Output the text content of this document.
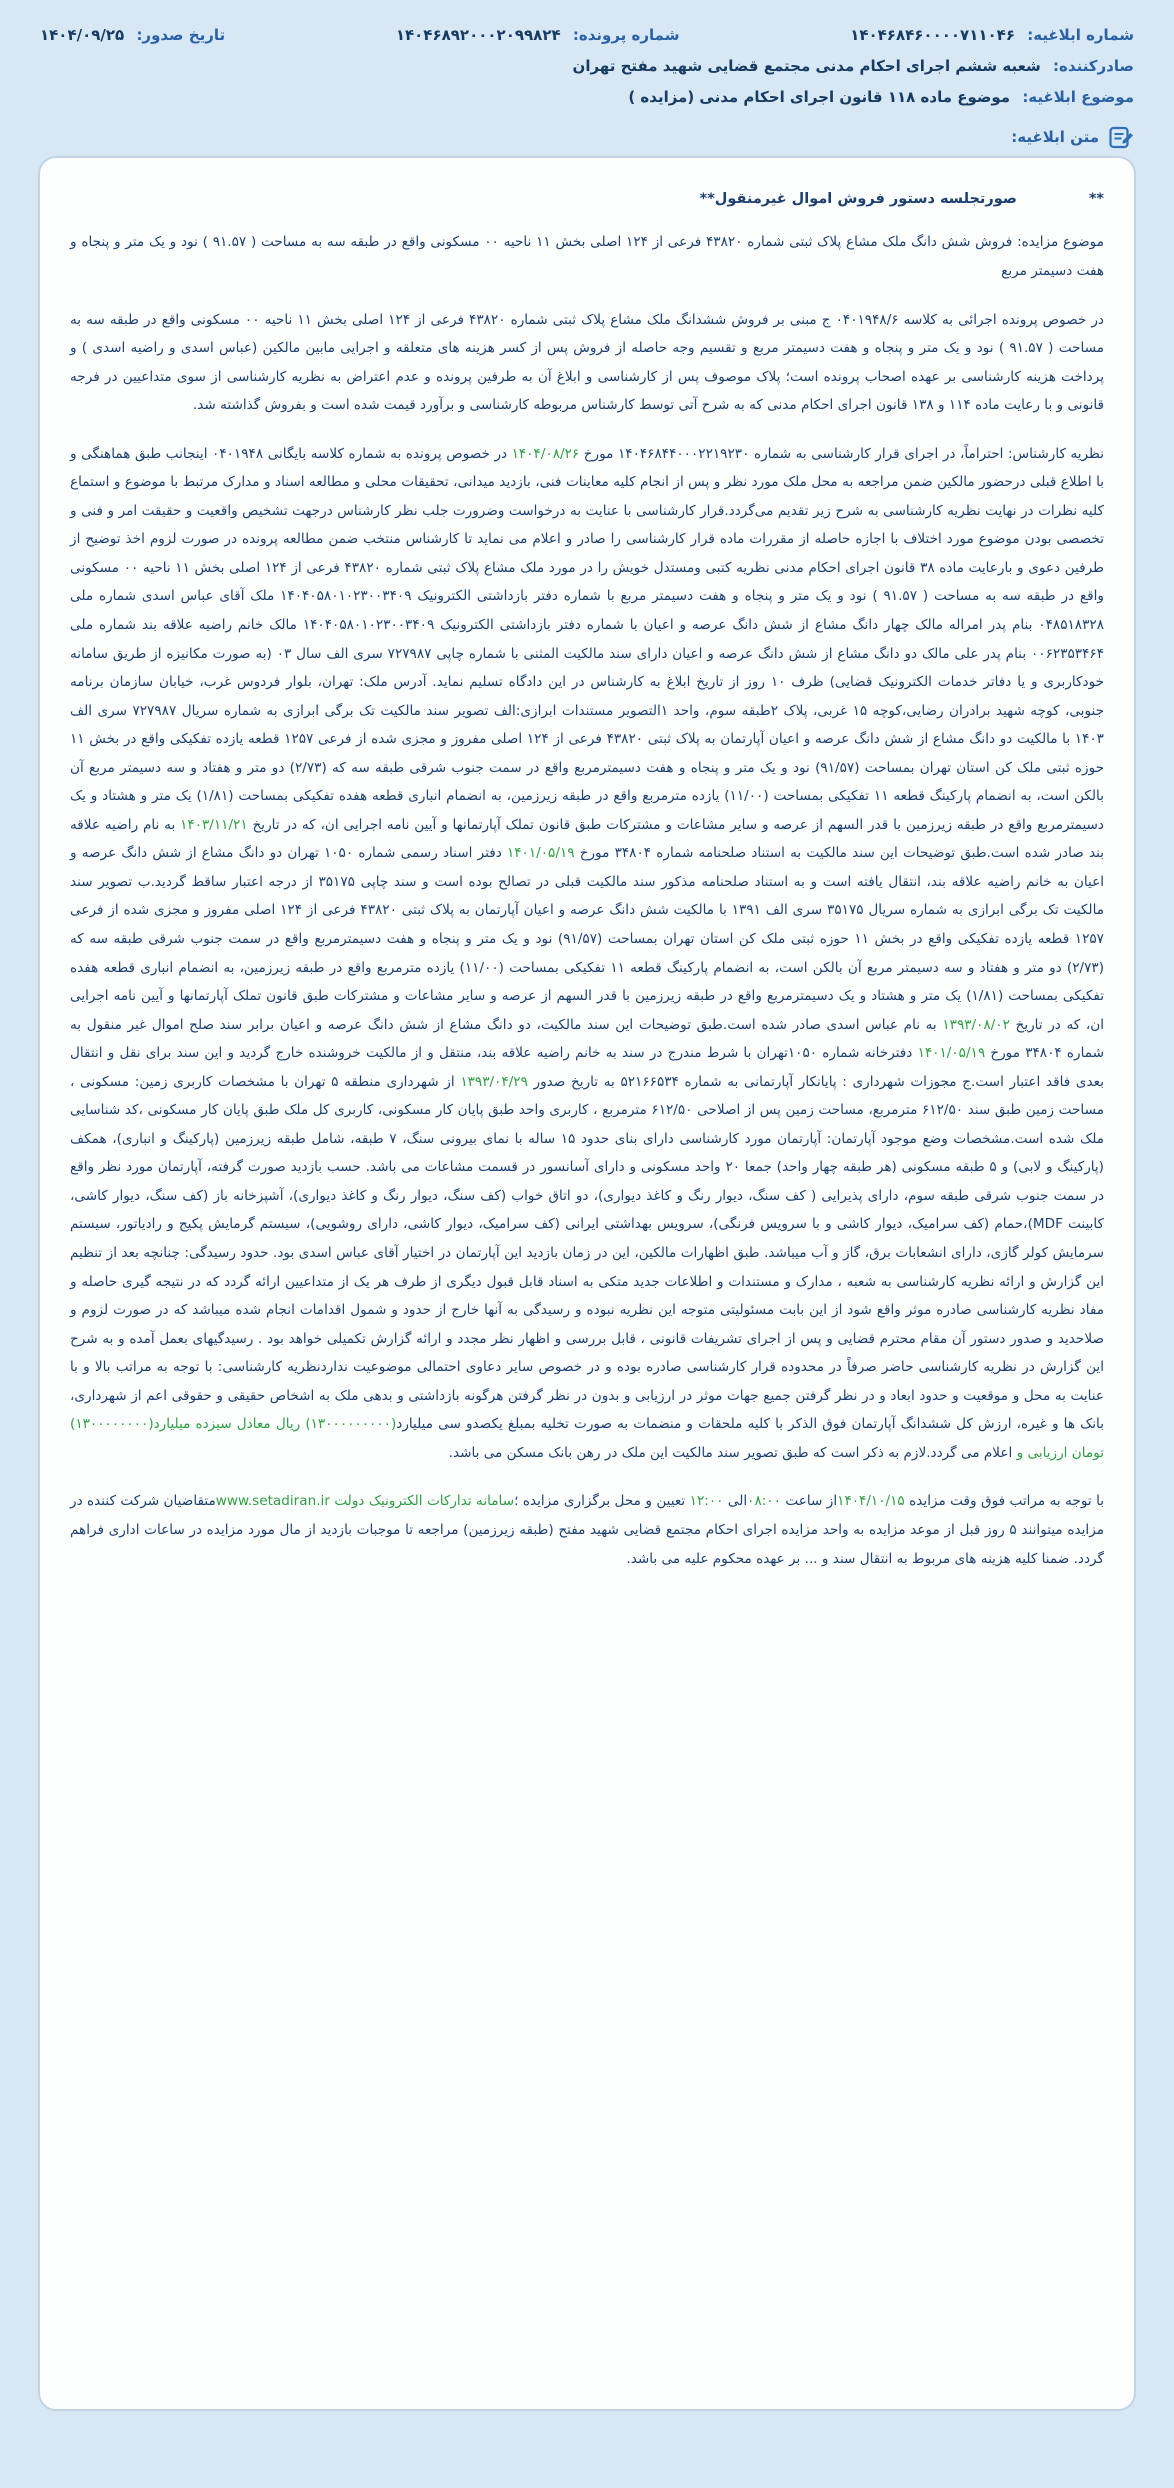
شماره ابلاغیه: ۱۴۰۴۶۸۴۶۰۰۰۰۷۱۱۰۴۶
شماره پرونده: ۱۴۰۴۶۸۹۲۰۰۰۲۰۹۹۸۲۴
تاریخ صدور: ۱۴۰۴/۰۹/۲۵
صادرکننده: شعبه ششم اجرای احکام مدنی مجتمع قضایی شهید مفتح تهران
موضوع ابلاغیه: موضوع ماده ۱۱۸ قانون اجرای احکام مدنی (مزایده )
متن ابلاغیه:

**
صورتجلسه دستور فروش اموال غیرمنقول**

موضوع مزایده: فروش شش دانگ ملک مشاع پلاک ثبتی شماره ۴۳۸۲۰ فرعی از ۱۲۴ اصلی بخش ۱۱ ناحیه ۰۰ مسکونی واقع در طبقه سه به مساحت ( ۹۱.۵۷ ) نود و یک متر و پنجاه و هفت دسیمتر مربع

در خصوص پرونده اجرائی به کلاسه ۰۴۰۱۹۴۸/۶ ج مبنی بر فروش ششدانگ ملک مشاع پلاک ثبتی شماره ۴۳۸۲۰ فرعی از ۱۲۴ اصلی بخش ۱۱ ناحیه ۰۰ مسکونی واقع در طبقه سه به مساحت ( ۹۱.۵۷ ) نود و یک متر و پنجاه و هفت دسیمتر مربع و تقسیم وجه حاصله از فروش پس از کسر هزینه های متعلقه و اجرایی مابین مالکین (عباس اسدی و راضیه اسدی ) و پرداخت هزینه کارشناسی بر عهده اصحاب پرونده است؛ پلاک موصوف پس از کارشناسی و ابلاغ آن به طرفین پرونده و عدم اعتراض به نظریه کارشناسی از سوی متداعیین در فرجه قانونی و با رعایت ماده ۱۱۴ و ۱۳۸ قانون اجرای احکام مدنی که به شرح آتی توسط کارشناس مربوطه کارشناسی و برآورد قیمت شده است و بفروش گذاشته شد.

نظریه کارشناس: احتراماً، در اجرای قرار کارشناسی به شماره ۱۴۰۴۶۸۴۴۰۰۰۲۲۱۹۲۳۰ مورخ ۱۴۰۴/۰۸/۲۶ در خصوص پرونده به شماره کلاسه بایگانی ۰۴۰۱۹۴۸ اینجانب طبق هماهنگی و با اطلاع قبلی درحضور مالکین ضمن مراجعه به محل ملک مورد نظر و پس از انجام کلیه معاینات فنی، بازدید میدانی، تحقیقات محلی و مطالعه اسناد و مدارک مرتبط با موضوع و استماع کلیه نظرات در نهایت نظریه کارشناسی به شرح زیر تقدیم می‌گردد.قرار کارشناسی با عنایت به درخواست وضرورت جلب نظر کارشناس درجهت تشخیص واقعیت و حقیقت امر و فنی و تخصصی بودن موضوع مورد اختلاف با اجازه حاصله از مقررات ماده قرار کارشناسی را صادر و اعلام می نماید تا کارشناس منتخب ضمن مطالعه پرونده در صورت لزوم اخذ توضیح از طرفین دعوی و بارعایت ماده ۳۸ قانون اجرای احکام مدنی نظریه کتبی ومستدل خویش را در مورد ملک مشاع پلاک ثبتی شماره ۴۳۸۲۰ فرعی از ۱۲۴ اصلی بخش ۱۱ ناحیه ۰۰ مسکونی واقع در طبقه سه به مساحت ( ۹۱.۵۷ ) نود و یک متر و پنجاه و هفت دسیمتر مربع با شماره دفتر بازداشتی الکترونیک ۱۴۰۴۰۵۸۰۱۰۲۳۰۰۳۴۰۹ ملک آقای عباس اسدی شماره ملی ۰۴۸۵۱۸۳۲۸ بنام پدر امراله مالک چهار دانگ مشاع از شش دانگ عرصه و اعیان با شماره دفتر بازداشتی الکترونیک ۱۴۰۴۰۵۸۰۱۰۲۳۰۰۳۴۰۹ مالک خانم راضیه علاقه بند شماره ملی ۰۰۶۲۳۵۳۴۶۴ بنام پدر علی مالک دو دانگ مشاع از شش دانگ عرصه و اعیان دارای سند مالکیت المثنی با شماره چاپی ۷۲۷۹۸۷ سری الف سال ۰۳ (به صورت مکانیزه از طریق سامانه خودکاربری و یا دفاتر خدمات الکترونیک قضایی) ظرف ۱۰ روز از تاریخ ابلاغ به کارشناس در این دادگاه تسلیم نماید. آدرس ملک: تهران، بلوار فردوس غرب، خیابان سازمان برنامه جنوبی، کوچه شهید برادران رضایی،کوچه ۱۵ غربی، پلاک ۲طبقه سوم، واحد ۱التصویر مستندات ابرازی:الف تصویر سند مالکیت تک برگی ابرازی به شماره سریال ۷۲۷۹۸۷ سری الف ۱۴۰۳ با مالکیت دو دانگ مشاع از شش دانگ عرصه و اعیان آپارتمان به پلاک ثبتی ۴۳۸۲۰ فرعی از ۱۲۴ اصلی مفروز و مجزی شده از فرعی ۱۲۵۷ قطعه یازده تفکیکی واقع در بخش ۱۱ حوزه ثبتی ملک کن استان تهران بمساحت (۹۱/۵۷) نود و یک متر و پنجاه و هفت دسیمترمربع واقع در سمت جنوب شرقی طبقه سه که (۲/۷۳) دو متر و هفتاد و سه دسیمتر مربع آن بالکن است، به انضمام پارکینگ قطعه ۱۱ تفکیکی بمساحت (۱۱/۰۰) یازده مترمربع واقع در طبقه زیرزمین، به انضمام انباری قطعه هفده تفکیکی بمساحت (۱/۸۱) یک متر و هشتاد و یک دسیمترمربع واقع در طبقه زیرزمین با قدر السهم از عرصه و سایر مشاعات و مشترکات طبق قانون تملک آپارتمانها و آیین نامه اجرایی ان، که در تاریخ ۱۴۰۳/۱۱/۲۱ به نام راضیه علاقه بند صادر شده است.طبق توضیحات این سند مالکیت به استناد صلحنامه شماره ۳۴۸۰۴ مورخ ۱۴۰۱/۰۵/۱۹ دفتر اسناد رسمی شماره ۱۰۵۰ تهران دو دانگ مشاع از شش دانگ عرصه و اعیان به خانم راضیه علاقه بند، انتقال یافته است و به استناد صلحنامه مذکور سند مالکیت قبلی در تصالح بوده است و سند چاپی ۳۵۱۷۵ از درجه اعتبار ساقط گردید.ب تصویر سند مالکیت تک برگی ابرازی به شماره سریال ۳۵۱۷۵ سری الف ۱۳۹۱ با مالکیت شش دانگ عرصه و اعیان آپارتمان به پلاک ثبتی ۴۳۸۲۰ فرعی از ۱۲۴ اصلی مفروز و مجزی شده از فرعی ۱۲۵۷ قطعه یازده تفکیکی واقع در بخش ۱۱ حوزه ثبتی ملک کن استان تهران بمساحت (۹۱/۵۷) نود و یک متر و پنجاه و هفت دسیمترمربع واقع در سمت جنوب شرقی طبقه سه که (۲/۷۳) دو متر و هفتاد و سه دسیمتر مربع آن بالکن است، به انضمام پارکینگ قطعه ۱۱ تفکیکی بمساحت (۱۱/۰۰) یازده مترمربع واقع در طبقه زیرزمین، به انضمام انباری قطعه هفده تفکیکی بمساحت (۱/۸۱) یک متر و هشتاد و یک دسیمترمربع واقع در طبقه زیرزمین با قدر السهم از عرصه و سایر مشاعات و مشترکات طبق قانون تملک آپارتمانها و آیین نامه اجرایی ان، که در تاریخ ۱۳۹۳/۰۸/۰۲ به نام عباس اسدی صادر شده است.طبق توضیحات این سند مالکیت، دو دانگ مشاع از شش دانگ عرصه و اعیان برابر سند صلح اموال غیر منقول به شماره ۳۴۸۰۴ مورخ ۱۴۰۱/۰۵/۱۹ دفترخانه شماره ۱۰۵۰تهران با شرط مندرج در سند به خانم راضیه علاقه بند، منتقل و از مالکیت خروشنده خارج گردید و این سند برای نقل و انتقال بعدی فاقد اعتبار است.ج مجوزات شهرداری : پایانکار آپارتمانی به شماره ۵۲۱۶۶۵۳۴ به تاریخ صدور ۱۳۹۳/۰۴/۲۹ از شهرداری منطقه ۵ تهران با مشخصات کاربری زمین: مسکونی ، مساحت زمین طبق سند ۶۱۲/۵۰ مترمربع، مساحت زمین پس از اصلاحی ۶۱۲/۵۰ مترمربع ، کاربری واحد طبق پایان کار مسکونی، کاربری کل ملک طبق پایان کار مسکونی ،کد شناسایی ملک شده است.مشخصات وضع موجود آپارتمان: آپارتمان مورد کارشناسی دارای بنای حدود ۱۵ ساله با نمای بیرونی سنگ، ۷ طبقه، شامل طبقه زیرزمین (پارکینگ و انباری)، همکف (پارکینگ و لابی) و ۵ طبقه مسکونی (هر طبقه چهار واحد) جمعا ۲۰ واحد مسکونی و دارای آسانسور در قسمت مشاعات می باشد. حسب بازدید صورت گرفته، آپارتمان مورد نظر واقع در سمت جنوب شرقی طبقه سوم، دارای پذیرایی ( کف سنگ، دیوار رنگ و کاغذ دیواری)، دو اتاق خواب (کف سنگ، دیوار رنگ و کاغذ دیواری)، آشپزخانه باز (کف سنگ، دیوار کاشی، کابینت MDF)،حمام (کف سرامیک، دیوار کاشی و با سرویس فرنگی)، سرویس بهداشتی ایرانی (کف سرامیک، دیوار کاشی، دارای روشویی)، سیستم گرمایش پکیج و رادیاتور، سیستم سرمایش کولر گازی، دارای انشعابات برق، گاز و آب میباشد. طبق اظهارات مالکین، این در زمان بازدید این آپارتمان در اختیار آقای عباس اسدی بود. حدود رسیدگی: چنانچه بعد از تنظیم این گزارش و ارائه نظریه کارشناسی به شعبه ، مدارک و مستندات و اطلاعات جدید متکی به اسناد قابل قبول دیگری از طرف هر یک از متداعیین ارائه گردد که در نتیجه گیری حاصله و مفاد نظریه کارشناسی صادره موثر واقع شود از این بابت مسئولیتی متوجه این نظریه نبوده و رسیدگی به آنها خارج از حدود و شمول اقدامات انجام شده میباشد که در صورت لزوم و صلاحدید و صدور دستور آن مقام محترم قضایی و پس از اجرای تشریفات قانونی ، قابل بررسی و اظهار نظر مجدد و ارائه گزارش تکمیلی خواهد بود . رسیدگیهای بعمل آمده و به شرح این گزارش در نظریه کارشناسی حاضر صرفاً در محدوده قرار کارشناسی صادره بوده و در خصوص سایر دعاوی احتمالی موضوعیت نداردنظریه کارشناسی: با توجه به مراتب بالا و با عنایت به محل و موقعیت و حدود ابعاد و در نظر گرفتن جمیع جهات موثر در ارزیابی و بدون در نظر گرفتن هرگونه بازداشتی و بدهی ملک به اشخاص حقیقی و حقوقی اعم از شهرداری، بانک ها و غیره، ارزش کل ششدانگ آپارتمان فوق الذکر با کلیه ملحقات و منضمات به صورت تخلیه بمبلغ یکصدو سی میلیارد(۱۳۰۰۰۰۰۰۰۰۰) ریال معادل سیزده میلیارد(۱۳۰۰۰۰۰۰۰۰) تومان ارزیابی و اعلام می گردد.لازم به ذکر است که طبق تصویر سند مالکیت این ملک در رهن بانک مسکن می باشد.

با توجه به مراتب فوق وقت مزایده ۱۴۰۴/۱۰/۱۵از ساعت ۰۸:۰۰الی ۱۲:۰۰ تعیین و محل برگزاری مزایده ؛سامانه تدارکات الکترونیک دولت www.setadiran.irمتقاضیان شرکت کننده در مزایده میتوانند ۵ روز قبل از موعد مزایده به واحد مزایده اجرای احکام مجتمع قضایی شهید مفتح (طبقه زیرزمین) مراجعه تا موجبات بازدید از مال مورد مزایده در ساعات اداری فراهم گردد. ضمنا کلیه هزینه های مربوط به انتقال سند و ... بر عهده محکوم علیه می باشد.
